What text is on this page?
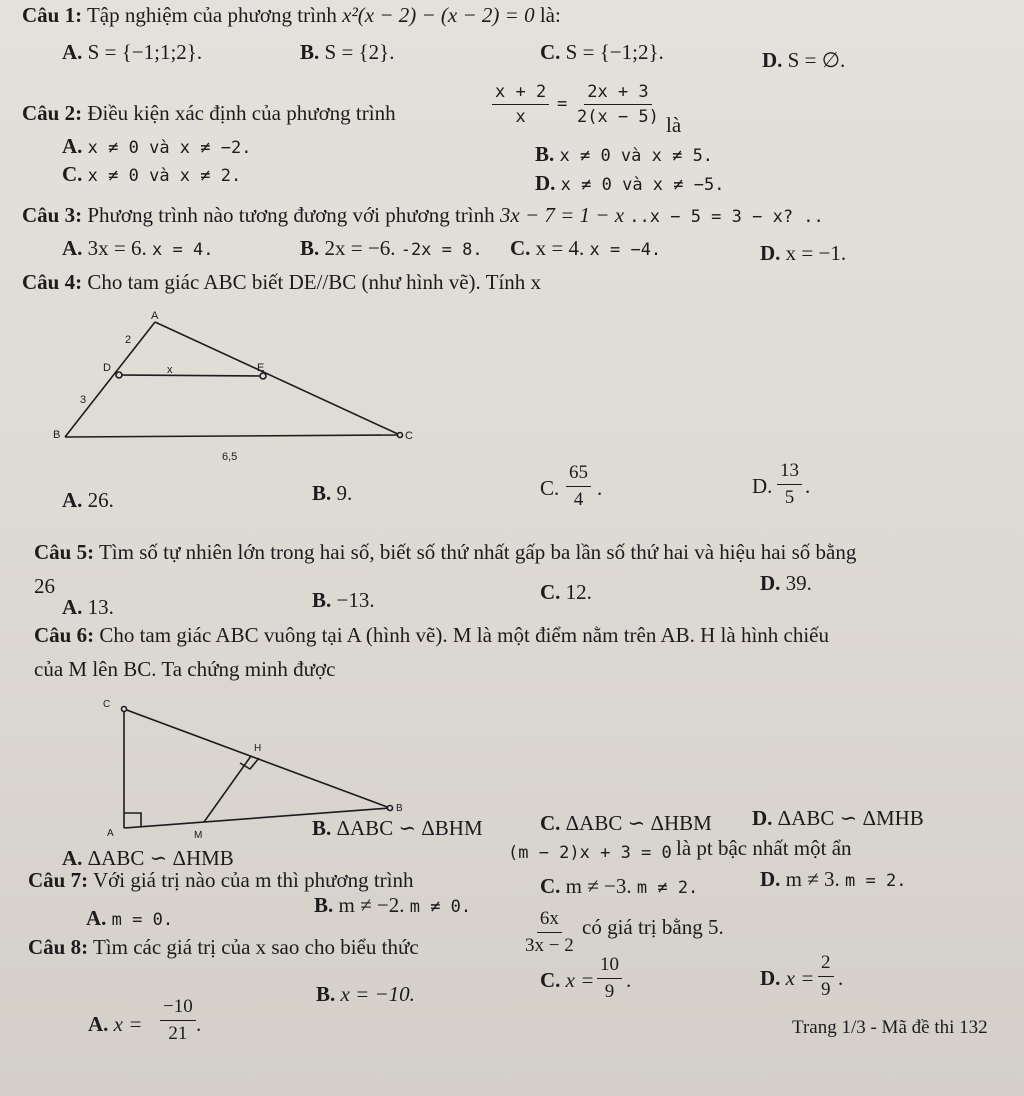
Câu 1: Tập nghiệm của phương trình x²(x − 2) − (x − 2) = 0 là:
A. S = {−1;1;2}.	B. S = {2}.	C. S = {−1;2}.	D. S = ∅.
Câu 2: Điều kiện xác định của phương trình	$\frac{x + 2}{x} = \frac{2x + 3}{2(x - 5)}$ là
A. x ≠ 0 và x ≠ −2.	B. x ≠ 0 và x ≠ 5.
C. x ≠ 0 và x ≠ 2.	D. x ≠ 0 và x ≠ −5.
Câu 3: Phương trình nào tương đương với phương trình 3x − 7 = 1 − x ..x − 5 = 3 − x? ..
A. 3x = 6. x = 4.	B. 2x = −6. -2x = 8. C. x = 4. x = −4.	D. x = −1.
Câu 4: Cho tam giác ABC biết DE//BC (như hình vẽ). Tính x
A
2
D	x	E
3
B	C
6,5
A. 26.	B. 9.	C. $\frac{65}{4}$ .	D. $\frac{13}{5}$ .
Câu 5: Tìm số tự nhiên lớn trong hai số, biết số thứ nhất gấp ba lần số thứ hai và hiệu hai số bằng
26
A. 13.	B. −13.	C. 12.	D. 39.
Câu 6: Cho tam giác ABC vuông tại A (hình vẽ). M là một điểm nằm trên AB. H là hình chiếu
của M lên BC. Ta chứng minh được
C
H
B
A	M
A. ΔABC ∽ ΔHMB
B. ΔABC ∽ ΔBHM	C. ΔABC ∽ ΔHBM D. ΔABC ∽ ΔMHB
Câu 7: Với giá trị nào của m thì phương trình
(m − 2)x + 3 = 0 là pt bậc nhất một ẩn
A. m = 0.
B. m ≠ −2. m ≠ 0.
C. m ≠ −3. m ≠ 2.	D. m ≠ 3. m = 2.
Câu 8: Tìm các giá trị của x sao cho biểu thức	$\frac{6x}{3x - 2}$ có giá trị bằng 5.
A. $x = \frac{-10}{21}$ .
B. x = −10.
C. $x = \frac{10}{9}$ .	D. $x = \frac{2}{9}$ .
Trang 1/3 - Mã đề thi 132
